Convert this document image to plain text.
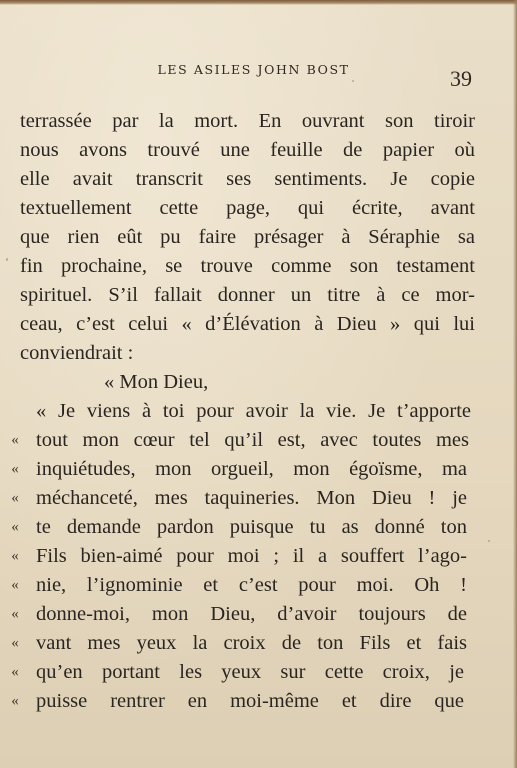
LES ASILES JOHN BOST	39
terrassée par la mort. En ouvrant son tiroir
nous avons trouvé une feuille de papier où
elle avait transcrit ses sentiments. Je copie
textuellement cette page, qui écrite, avant
que rien eût pu faire présager à Séraphie sa
fin prochaine, se trouve comme son testament
spirituel. S’il fallait donner un titre à ce mor-
ceau, c’est celui « d’Élévation à Dieu » qui lui
conviendrait :
« Mon Dieu,
« Je viens à toi pour avoir la vie. Je t’apporte
« tout mon cœur tel qu’il est, avec toutes mes
« inquiétudes, mon orgueil, mon égoïsme, ma
« méchanceté, mes taquineries. Mon Dieu ! je
« te demande pardon puisque tu as donné ton
« Fils bien-aimé pour moi ; il a souffert l’ago-
« nie, l’ignominie et c’est pour moi. Oh !
« donne-moi, mon Dieu, d’avoir toujours de
« vant mes yeux la croix de ton Fils et fais
« qu’en portant les yeux sur cette croix, je
« puisse rentrer en moi-même et dire que
